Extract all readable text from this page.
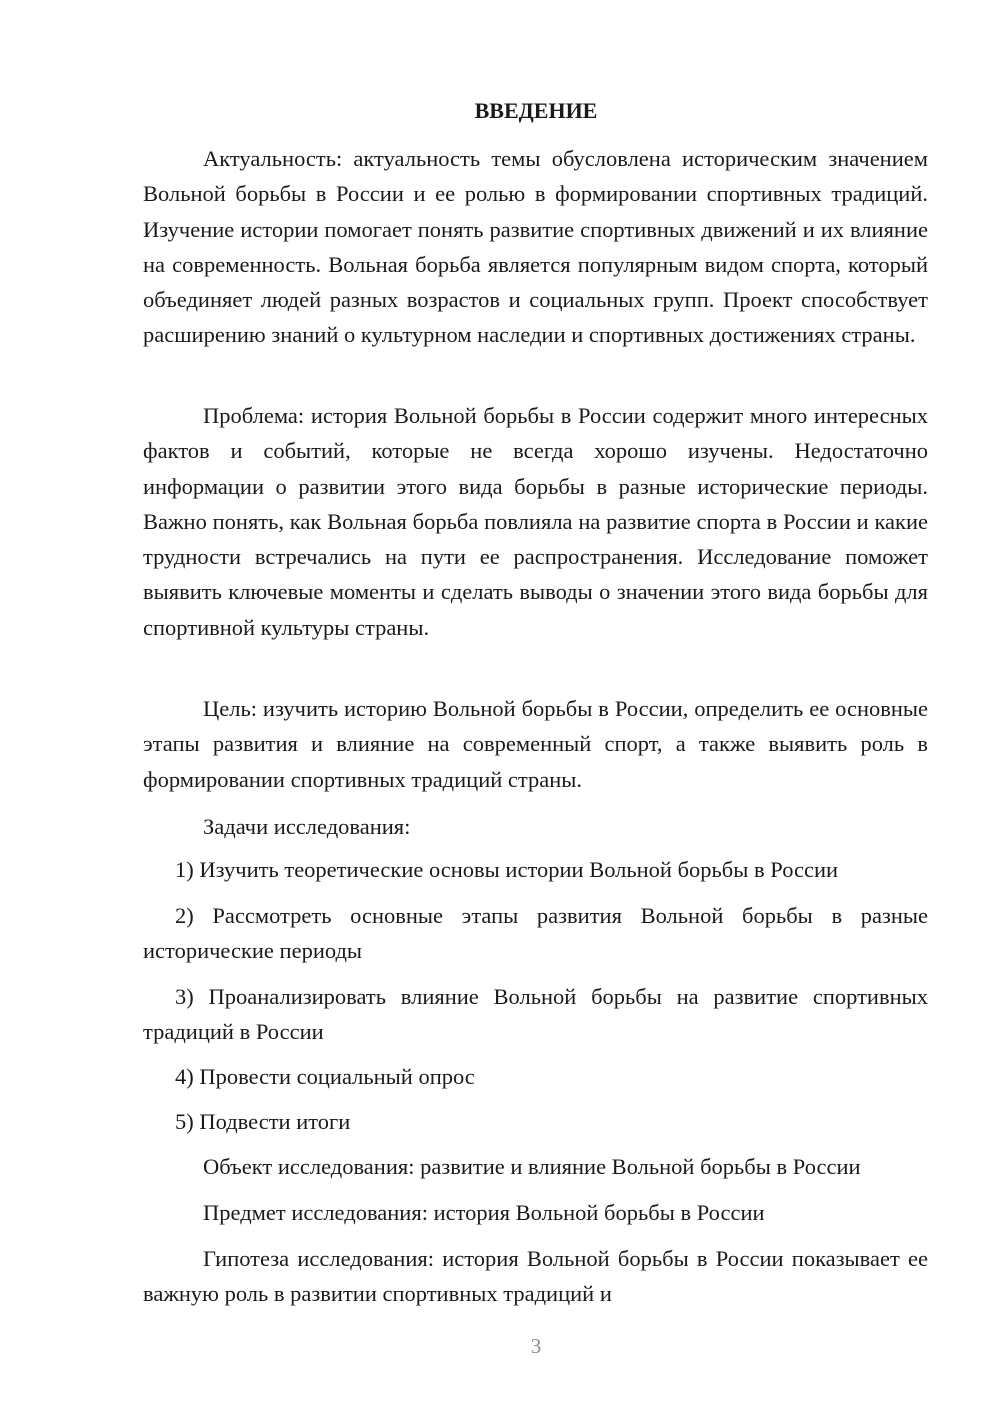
ВВЕДЕНИЕ

Актуальность: актуальность темы обусловлена историческим значением Вольной борьбы в России и ее ролью в формировании спортивных традиций. Изучение истории помогает понять развитие спортивных движений и их влияние на современность. Вольная борьба является популярным видом спорта, который объединяет людей разных возрастов и социальных групп. Проект способствует расширению знаний о культурном наследии и спортивных достижениях страны.

Проблема: история Вольной борьбы в России содержит много интересных фактов и событий, которые не всегда хорошо изучены. Недостаточно информации о развитии этого вида борьбы в разные исторические периоды. Важно понять, как Вольная борьба повлияла на развитие спорта в России и какие трудности встречались на пути ее распространения. Исследование поможет выявить ключевые моменты и сделать выводы о значении этого вида борьбы для спортивной культуры страны.

Цель: изучить историю Вольной борьбы в России, определить ее основные этапы развития и влияние на современный спорт, а также выявить роль в формировании спортивных традиций страны.

Задачи исследования:

1) Изучить теоретические основы истории Вольной борьбы в России

2) Рассмотреть основные этапы развития Вольной борьбы в разные исторические периоды

3) Проанализировать влияние Вольной борьбы на развитие спортивных традиций в России

4) Провести социальный опрос

5) Подвести итоги

Объект исследования: развитие и влияние Вольной борьбы в России

Предмет исследования: история Вольной борьбы в России

Гипотеза исследования: история Вольной борьбы в России показывает ее важную роль в развитии спортивных традиций и

3
